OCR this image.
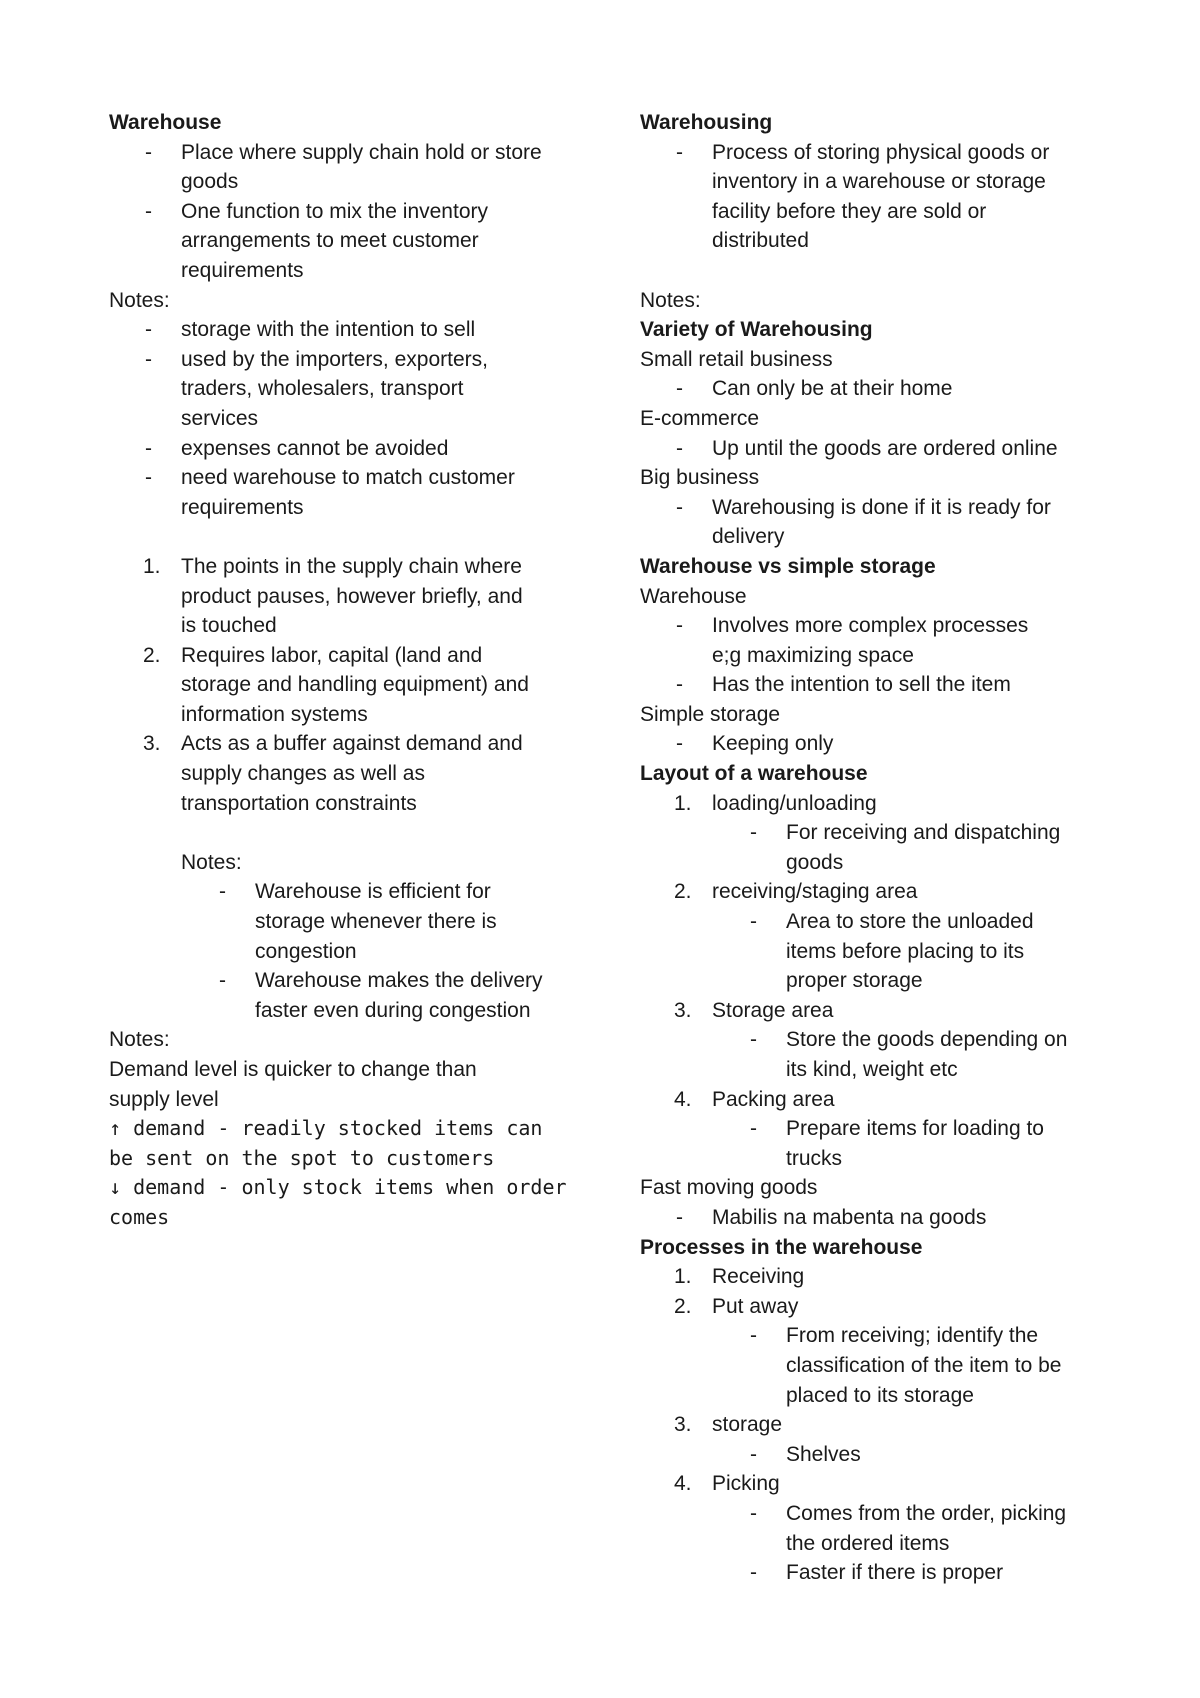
Warehouse
- Place where supply chain hold or store
goods
- One function to mix the inventory
arrangements to meet customer
requirements
Notes:
- storage with the intention to sell
- used by the importers, exporters,
traders, wholesalers, transport
services
- expenses cannot be avoided
- need warehouse to match customer
requirements
1. The points in the supply chain where
product pauses, however briefly, and
is touched
2. Requires labor, capital (land and
storage and handling equipment) and
information systems
3. Acts as a buffer against demand and
supply changes as well as
transportation constraints
Notes:
- Warehouse is efficient for
storage whenever there is
congestion
- Warehouse makes the delivery
faster even during congestion
Notes:
Demand level is quicker to change than
supply level
↑ demand - readily stocked items can
be sent on the spot to customers
↓ demand - only stock items when order
comes
Warehousing
- Process of storing physical goods or
inventory in a warehouse or storage
facility before they are sold or
distributed
Notes:
Variety of Warehousing
Small retail business
- Can only be at their home
E-commerce
- Up until the goods are ordered online
Big business
- Warehousing is done if it is ready for
delivery
Warehouse vs simple storage
Warehouse
- Involves more complex processes
e;g maximizing space
- Has the intention to sell the item
Simple storage
- Keeping only
Layout of a warehouse
1. loading/unloading
- For receiving and dispatching
goods
2. receiving/staging area
- Area to store the unloaded
items before placing to its
proper storage
3. Storage area
- Store the goods depending on
its kind, weight etc
4. Packing area
- Prepare items for loading to
trucks
Fast moving goods
- Mabilis na mabenta na goods
Processes in the warehouse
1. Receiving
2. Put away
- From receiving; identify the
classification of the item to be
placed to its storage
3. storage
- Shelves
4. Picking
- Comes from the order, picking
the ordered items
- Faster if there is proper
